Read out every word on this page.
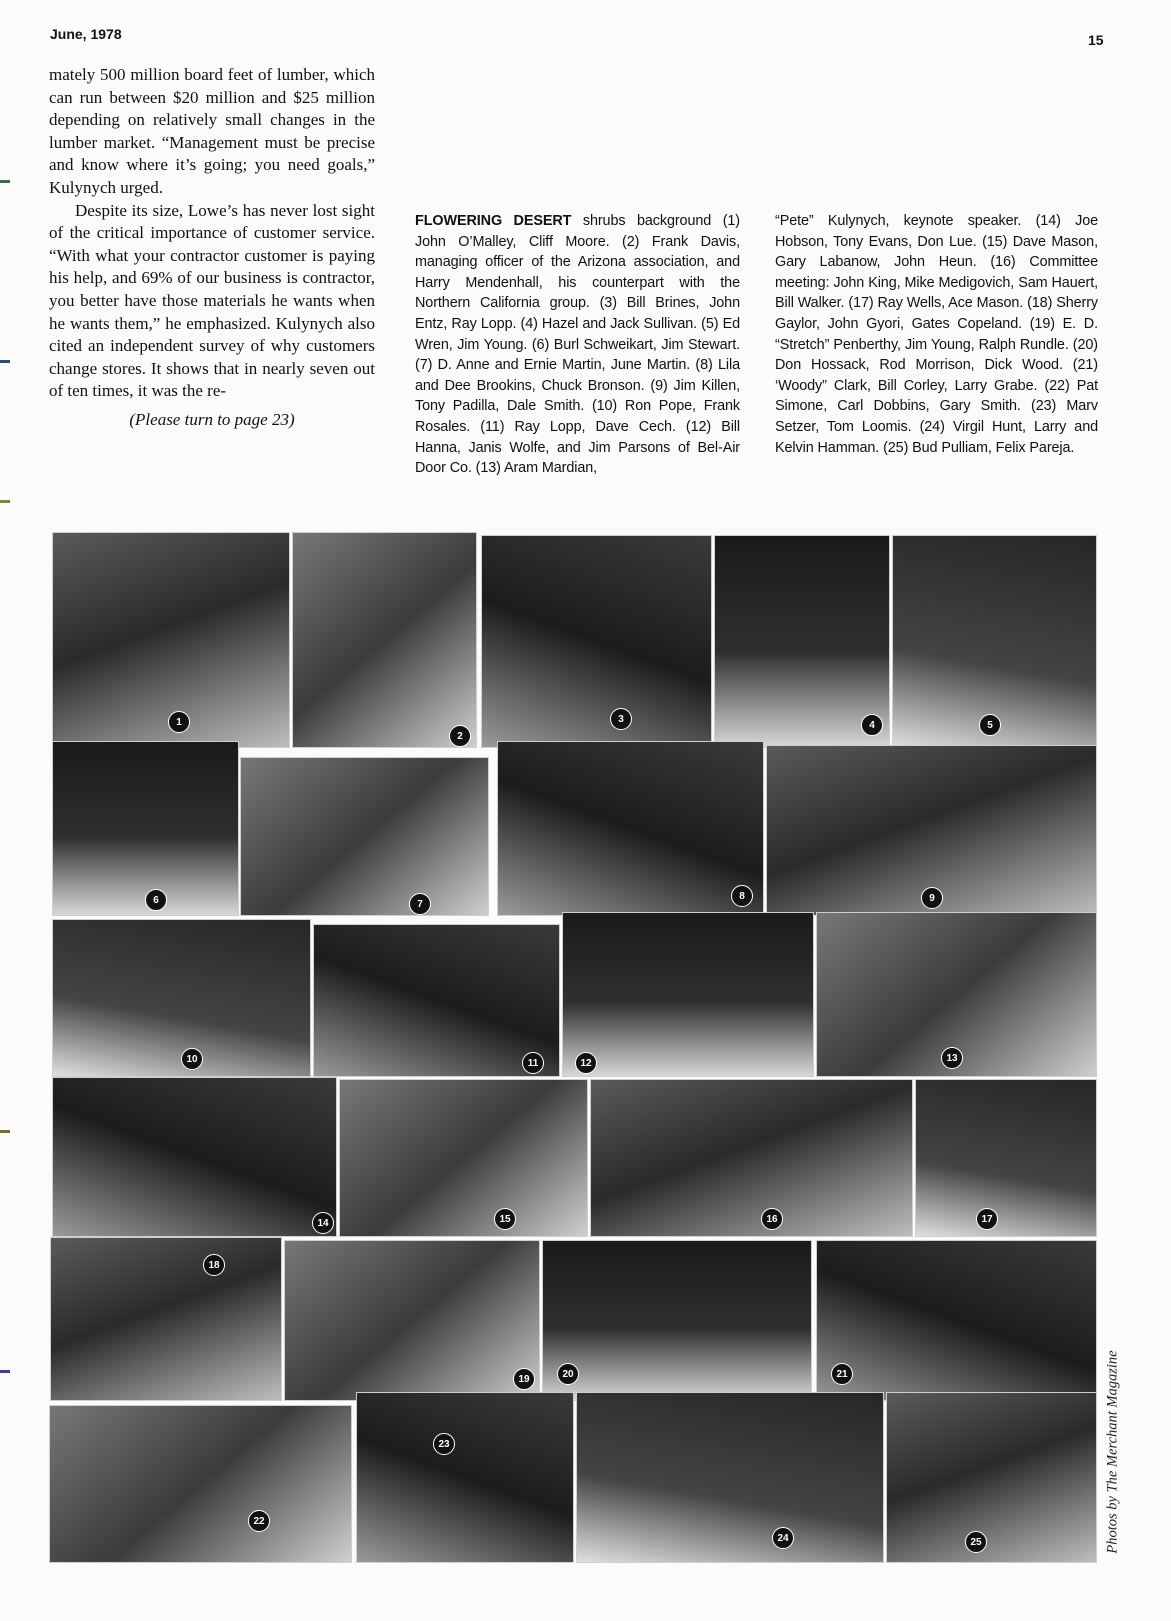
June, 1978	15

mately 500 million board feet of lumber, which can run between $20 million and $25 million depending on relatively small changes in the lumber market. “Management must be precise and know where it’s going; you need goals,” Kulynych urged.

Despite its size, Lowe’s has never lost sight of the critical importance of customer service. “With what your contractor customer is paying his help, and 69% of our business is contractor, you better have those materials he wants when he wants them,” he emphasized. Kulynych also cited an independent survey of why customers change stores. It shows that in nearly seven out of ten times, it was the re-

(Please turn to page 23)

FLOWERING DESERT shrubs background (1) John O’Malley, Cliff Moore. (2) Frank Davis, managing officer of the Arizona association, and Harry Mendenhall, his counterpart with the Northern California group. (3) Bill Brines, John Entz, Ray Lopp. (4) Hazel and Jack Sullivan. (5) Ed Wren, Jim Young. (6) Burl Schweikart, Jim Stewart. (7) D. Anne and Ernie Martin, June Martin. (8) Lila and Dee Brookins, Chuck Bronson. (9) Jim Killen, Tony Padilla, Dale Smith. (10) Ron Pope, Frank Rosales. (11) Ray Lopp, Dave Cech. (12) Bill Hanna, Janis Wolfe, and Jim Parsons of Bel-Air Door Co. (13) Aram Mardian,
“Pete” Kulynych, keynote speaker. (14) Joe Hobson, Tony Evans, Don Lue. (15) Dave Mason, Gary Labanow, John Heun. (16) Committee meeting: John King, Mike Medigovich, Sam Hauert, Bill Walker. (17) Ray Wells, Ace Mason. (18) Sherry Gaylor, John Gyori, Gates Copeland. (19) E. D. “Stretch” Penberthy, Jim Young, Ralph Rundle. (20) Don Hossack, Rod Morrison, Dick Wood. (21) ‘Woody” Clark, Bill Corley, Larry Grabe. (22) Pat Simone, Carl Dobbins, Gary Smith. (23) Marv Setzer, Tom Loomis. (24) Virgil Hunt, Larry and Kelvin Hamman. (25) Bud Pulliam, Felix Pareja.
1
2
3
4	5
6	7
8	9
10	11	12	13
14	15	16	17
18
19	20	21
22
23
24	25	Photos by The Merchant Magazine
